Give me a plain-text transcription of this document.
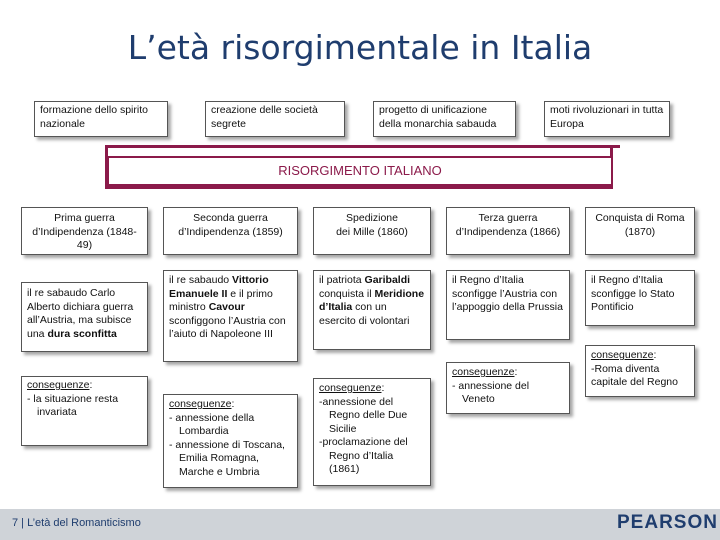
L’età risorgimentale in Italia
formazione dello spirito nazionale
creazione delle società segrete
progetto di unificazione della monarchia sabauda
moti rivoluzionari in tutta Europa
RISORGIMENTO ITALIANO
Prima guerra
d’Indipendenza (1848-49)
il re sabaudo Carlo Alberto dichiara guerra all’Austria, ma subisce una dura sconfitta
conseguenze:
- la situazione resta invariata
Seconda guerra
d’Indipendenza (1859)
il re sabaudo Vittorio Emanuele II e il primo ministro Cavour sconfiggono l’Austria con l’aiuto di Napoleone III
conseguenze:
- annessione della Lombardia
- annessione di Toscana, Emilia Romagna, Marche e Umbria
Spedizione
dei Mille (1860)
il patriota Garibaldi conquista il Meridione d’Italia con un esercito di volontari
conseguenze:
-annessione del Regno delle Due Sicilie
-proclamazione del Regno d’Italia (1861)
Terza guerra
d’Indipendenza (1866)
il Regno d’Italia sconfigge l’Austria con l’appoggio della Prussia
conseguenze:
- annessione del Veneto
Conquista di Roma
(1870)
il Regno d’Italia sconfigge lo Stato Pontificio
conseguenze:
-Roma diventa capitale del Regno
7 | L’età del Romanticismo	PEARSON
